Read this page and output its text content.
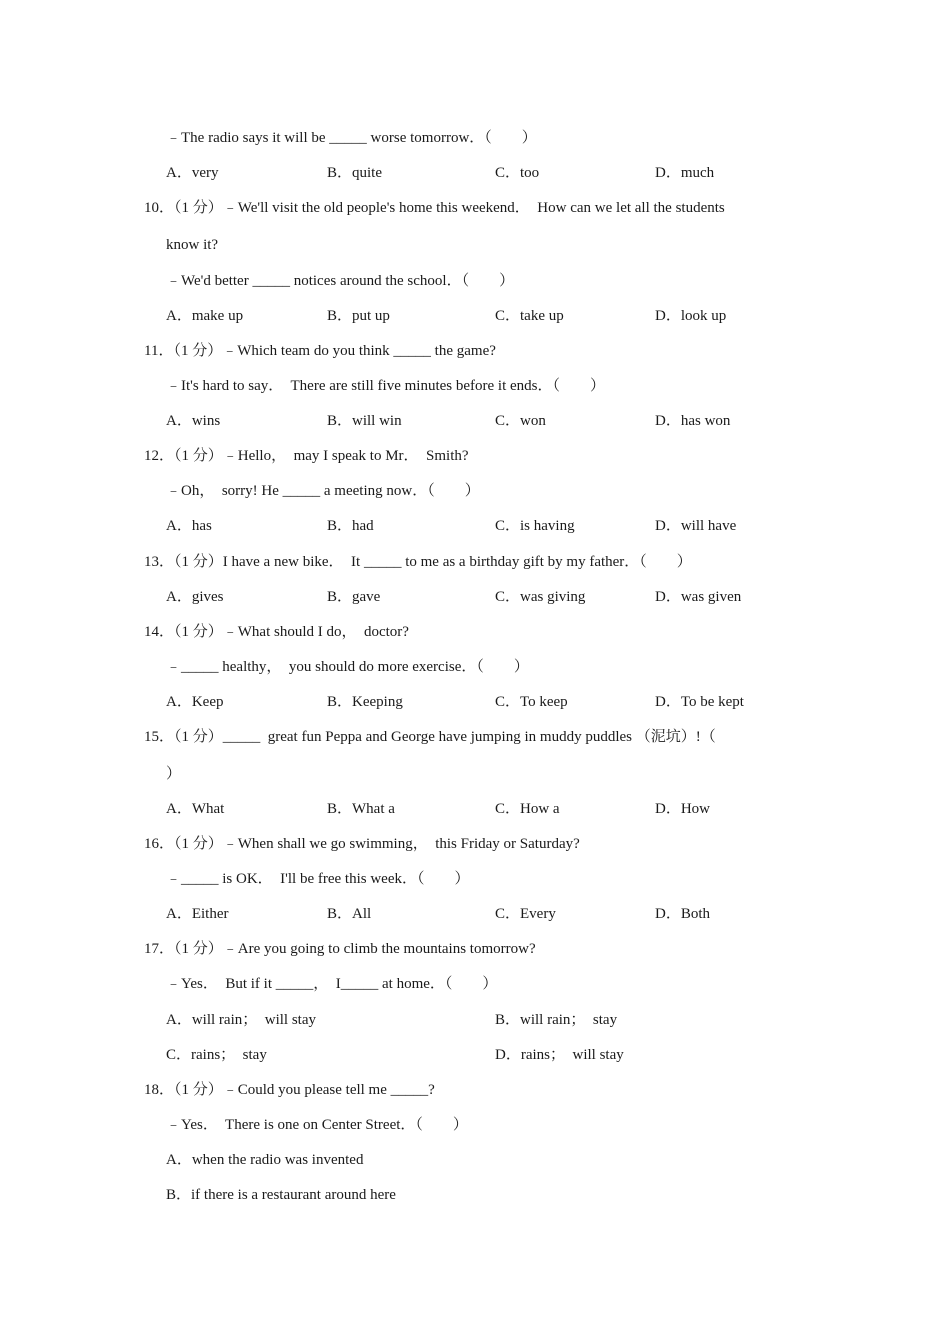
﹣The radio says it will be _____ worse tomorrow．（　　）
A．very	B．quite	C．too	D．much
10．（1 分）﹣We'll visit the old people's home this weekend．  How can we let all the students
know it?
﹣We'd better _____ notices around the school．（　　）
A．make up	B．put up	C．take up	D．look up
11．（1 分）﹣Which team do you think _____ the game?
﹣It's hard to say．  There are still five minutes before it ends．（　　）
A．wins	B．will win	C．won	D．has won
12．（1 分）﹣Hello，  may I speak to Mr．  Smith?
﹣Oh，  sorry! He _____ a meeting now．（　　）
A．has	B．had	C．is having	D．will have
13．（1 分）I have a new bike．  It _____ to me as a birthday gift by my father．（　　）
A．gives	B．gave	C．was giving	D．was given
14．（1 分）﹣What should I do，  doctor?
﹣_____ healthy，  you should do more exercise．（　　）
A．Keep	B．Keeping	C．To keep	D．To be kept
15．（1 分）_____  great fun Peppa and George have jumping in muddy puddles （泥坑）!（
）
A．What	B．What a	C．How a	D．How
16．（1 分）﹣When shall we go swimming，  this Friday or Saturday?
﹣_____ is OK．  I'll be free this week．（　　）
A．Either	B．All	C．Every	D．Both
17．（1 分）﹣Are you going to climb the mountains tomorrow?
﹣Yes．  But if it _____，  I_____ at home．（　　）
A．will rain；  will stay	B．will rain；  stay
C．rains；  stay	D．rains；  will stay
18．（1 分）﹣Could you please tell me _____?
﹣Yes．  There is one on Center Street．（　　）
A．when the radio was invented
B．if there is a restaurant around here
